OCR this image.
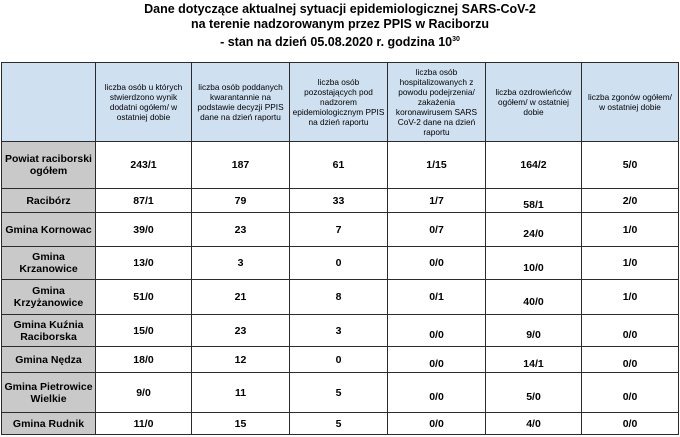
Dane dotyczące aktualnej sytuacji epidemiologicznej SARS-CoV-2
na terenie nadzorowanym przez PPIS w Raciborzu
- stan na dzień 05.08.2020 r. godzina $10^{30}$
	liczba osób u których stwierdzono wynik dodatni ogółem/ w ostatniej dobie	liczba osób poddanych kwarantannie na podstawie decyzji PPIS dane na dzień raportu	liczba osób pozostających pod nadzorem epidemiologicznym PPIS na dzień raportu	liczba osób hospitalizowanych z powodu podejrzenia/ zakażenia koronawirusem SARS CoV-2 dane na dzień raportu	liczba ozdrowieńców ogółem/ w ostatniej dobie	liczba zgonów ogółem/ w ostatniej dobie
Powiat raciborski ogółem	243/1	187	61	1/15	164/2	5/0
Racibórz	87/1	79	33	1/7	58/1	2/0
Gmina Kornowac	39/0	23	7	0/7	24/0	1/0
Gmina Krzanowice	13/0	3	0	0/0	10/0	1/0
Gmina Krzyżanowice	51/0	21	8	0/1	40/0	1/0
Gmina Kuźnia Raciborska	15/0	23	3	0/0	9/0	0/0
Gmina Nędza	18/0	12	0	0/0	14/1	0/0
Gmina Pietrowice Wielkie	9/0	11	5	0/0	5/0	0/0
Gmina Rudnik	11/0	15	5	0/0	4/0	0/0
